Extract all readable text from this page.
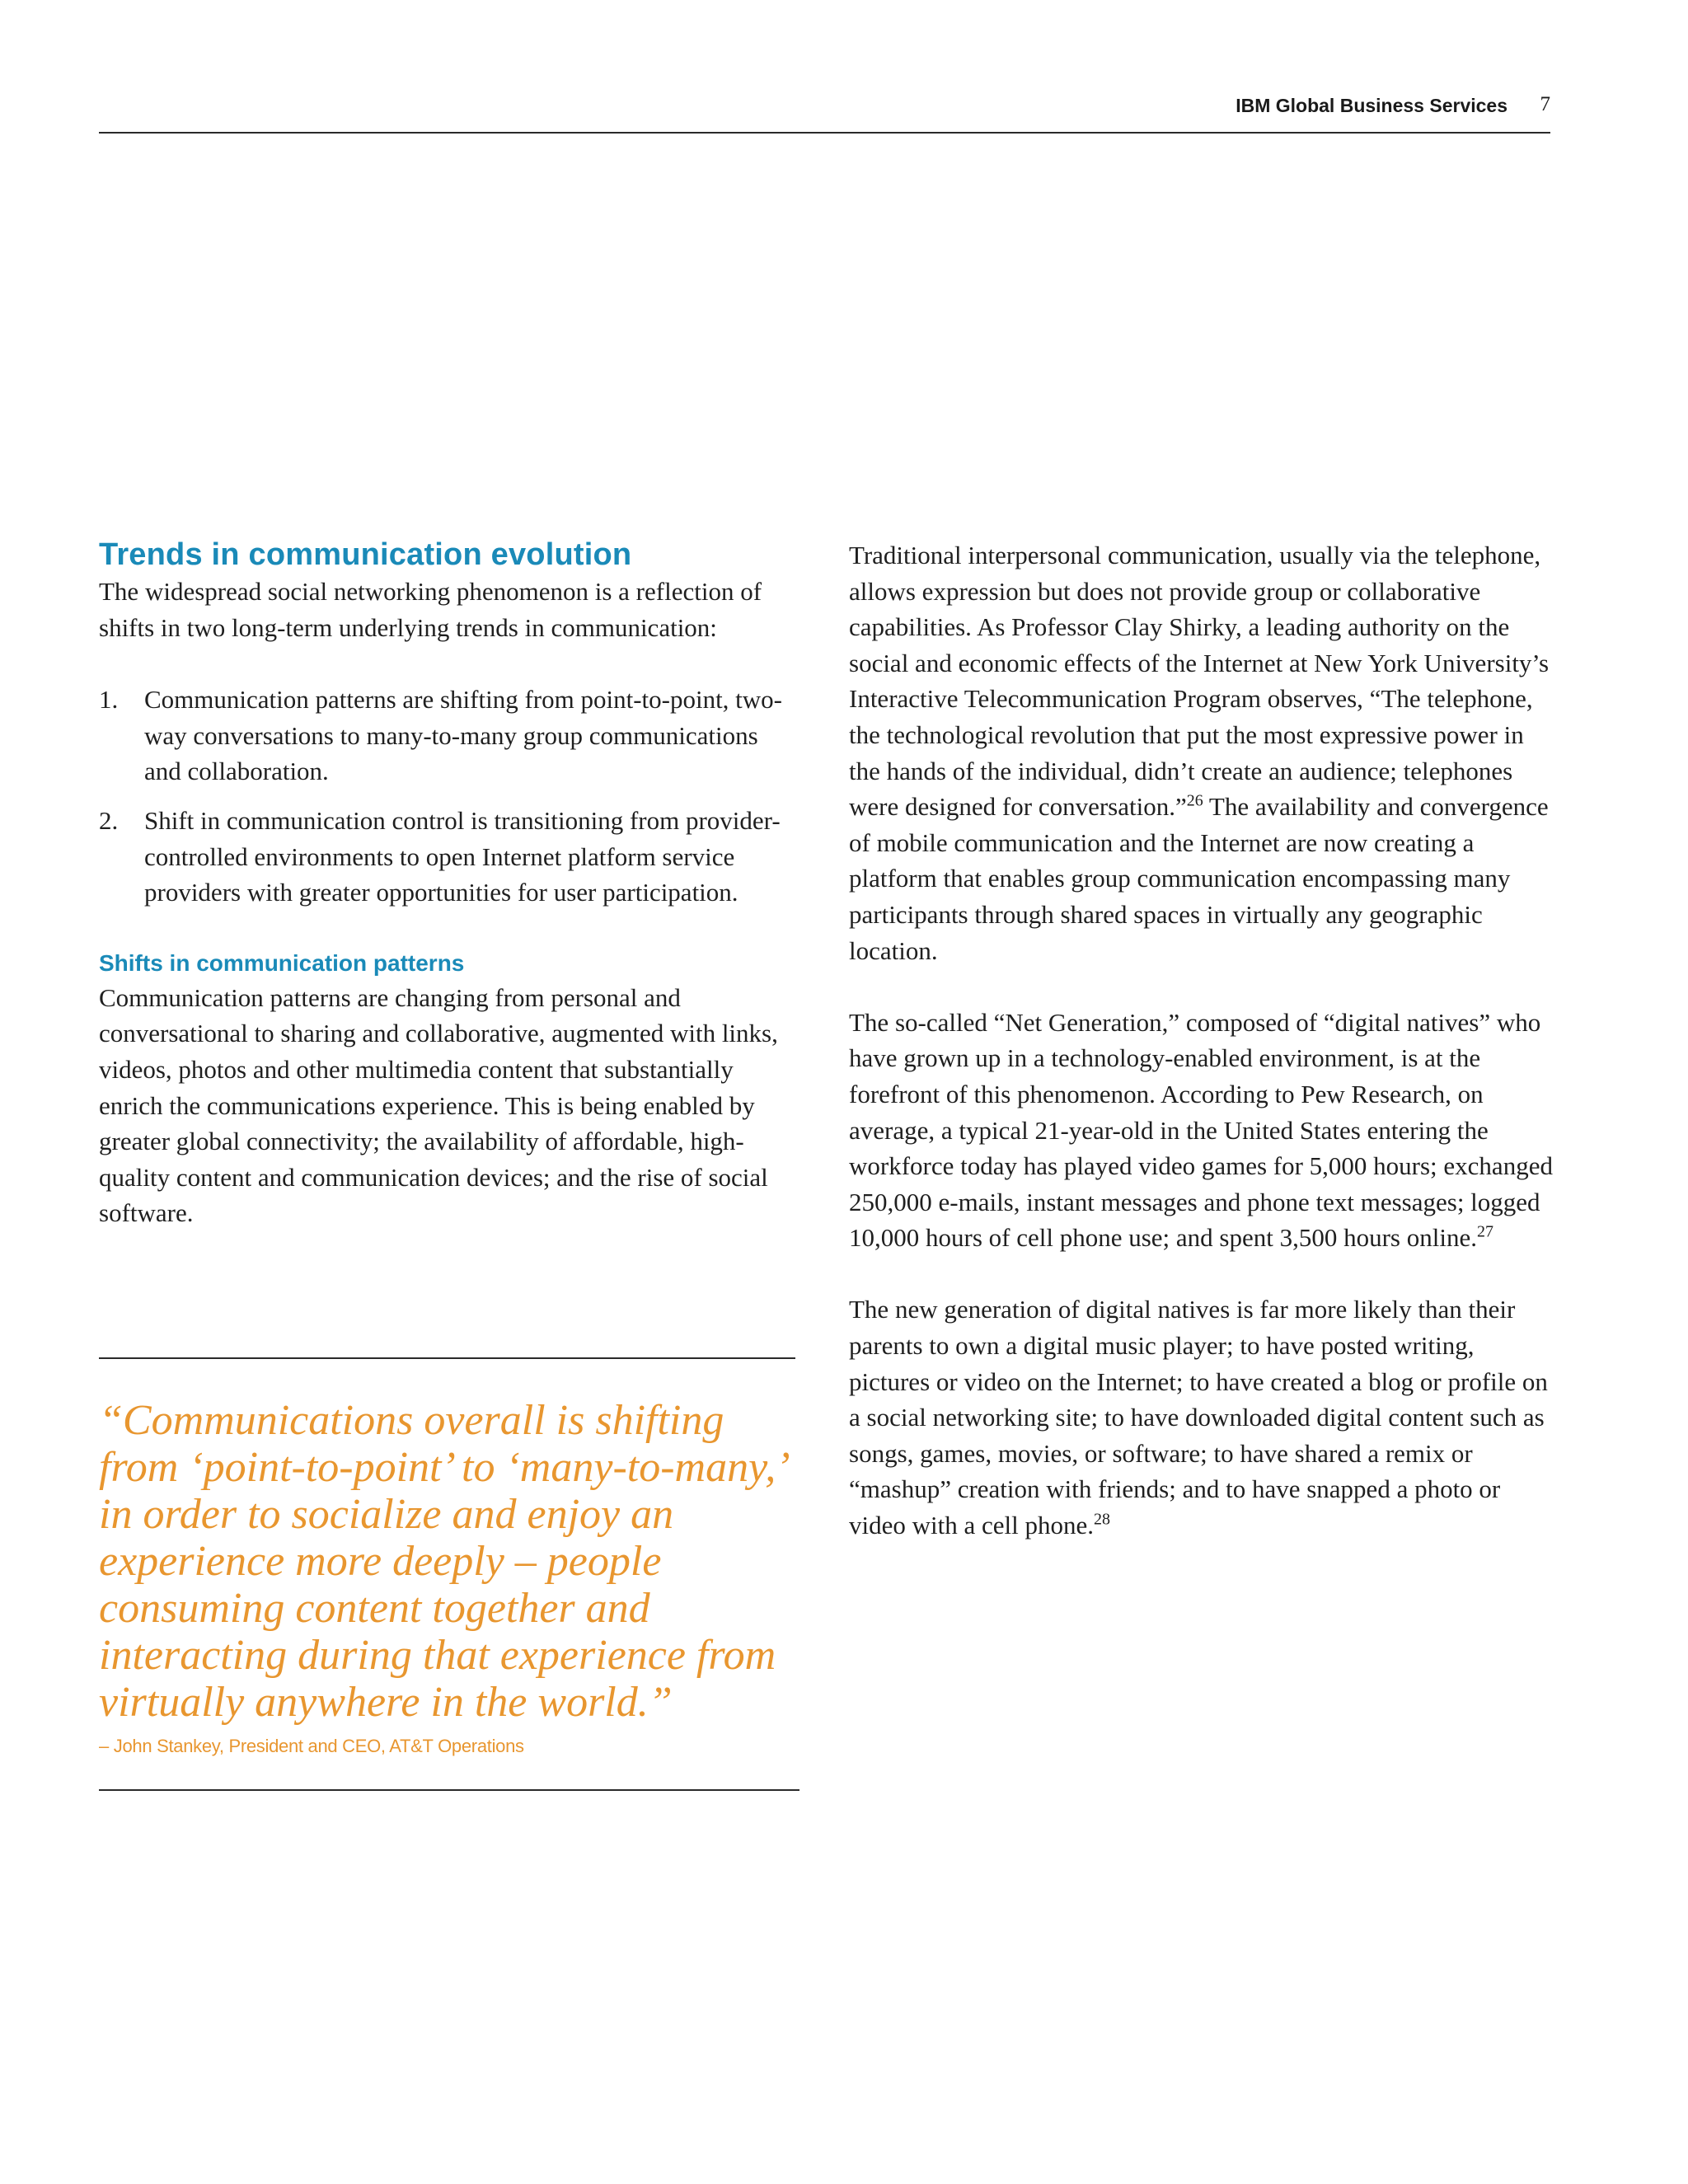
IBM Global Business Services 7
Trends in communication evolution

The widespread social networking phenomenon is a reflection of shifts in two long-term underlying trends in communication:

1. Communication patterns are shifting from point-to-point, two-way conversations to many-to-many group communications and collaboration.
2. Shift in communication control is transitioning from provider-controlled environments to open Internet platform service providers with greater opportunities for user participation.
Shifts in communication patterns

Communication patterns are changing from personal and conversational to sharing and collaborative, augmented with links, videos, photos and other multimedia content that substantially enrich the communications experience. This is being enabled by greater global connectivity; the availability of affordable, high-quality content and communication devices; and the rise of social software.

“Communications overall is shifting from ‘point-to-point’ to ‘many-to-many,’ in order to socialize and enjoy an experience more deeply – people consuming content together and interacting during that experience from virtually anywhere in the world.”

– John Stankey, President and CEO, AT&T Operations

Traditional interpersonal communication, usually via the telephone, allows expression but does not provide group or collaborative capabilities. As Professor Clay Shirky, a leading authority on the social and economic effects of the Internet at New York University’s Interactive Telecommunication Program observes, “The telephone, the technological revolution that put the most expressive power in the hands of the individual, didn’t create an audience; telephones were designed for conversation.”$^{26}$ The availability and convergence of mobile communication and the Internet are now creating a platform that enables group communication encompassing many participants through shared spaces in virtually any geographic location.

The so-called “Net Generation,” composed of “digital natives” who have grown up in a technology-enabled environment, is at the forefront of this phenomenon. According to Pew Research, on average, a typical 21-year-old in the United States entering the workforce today has played video games for 5,000 hours; exchanged 250,000 e-mails, instant messages and phone text messages; logged 10,000 hours of cell phone use; and spent 3,500 hours online.$^{27}$

The new generation of digital natives is far more likely than their parents to own a digital music player; to have posted writing, pictures or video on the Internet; to have created a blog or profile on a social networking site; to have downloaded digital content such as songs, games, movies, or software; to have shared a remix or “mashup” creation with friends; and to have snapped a photo or video with a cell phone.$^{28}$
